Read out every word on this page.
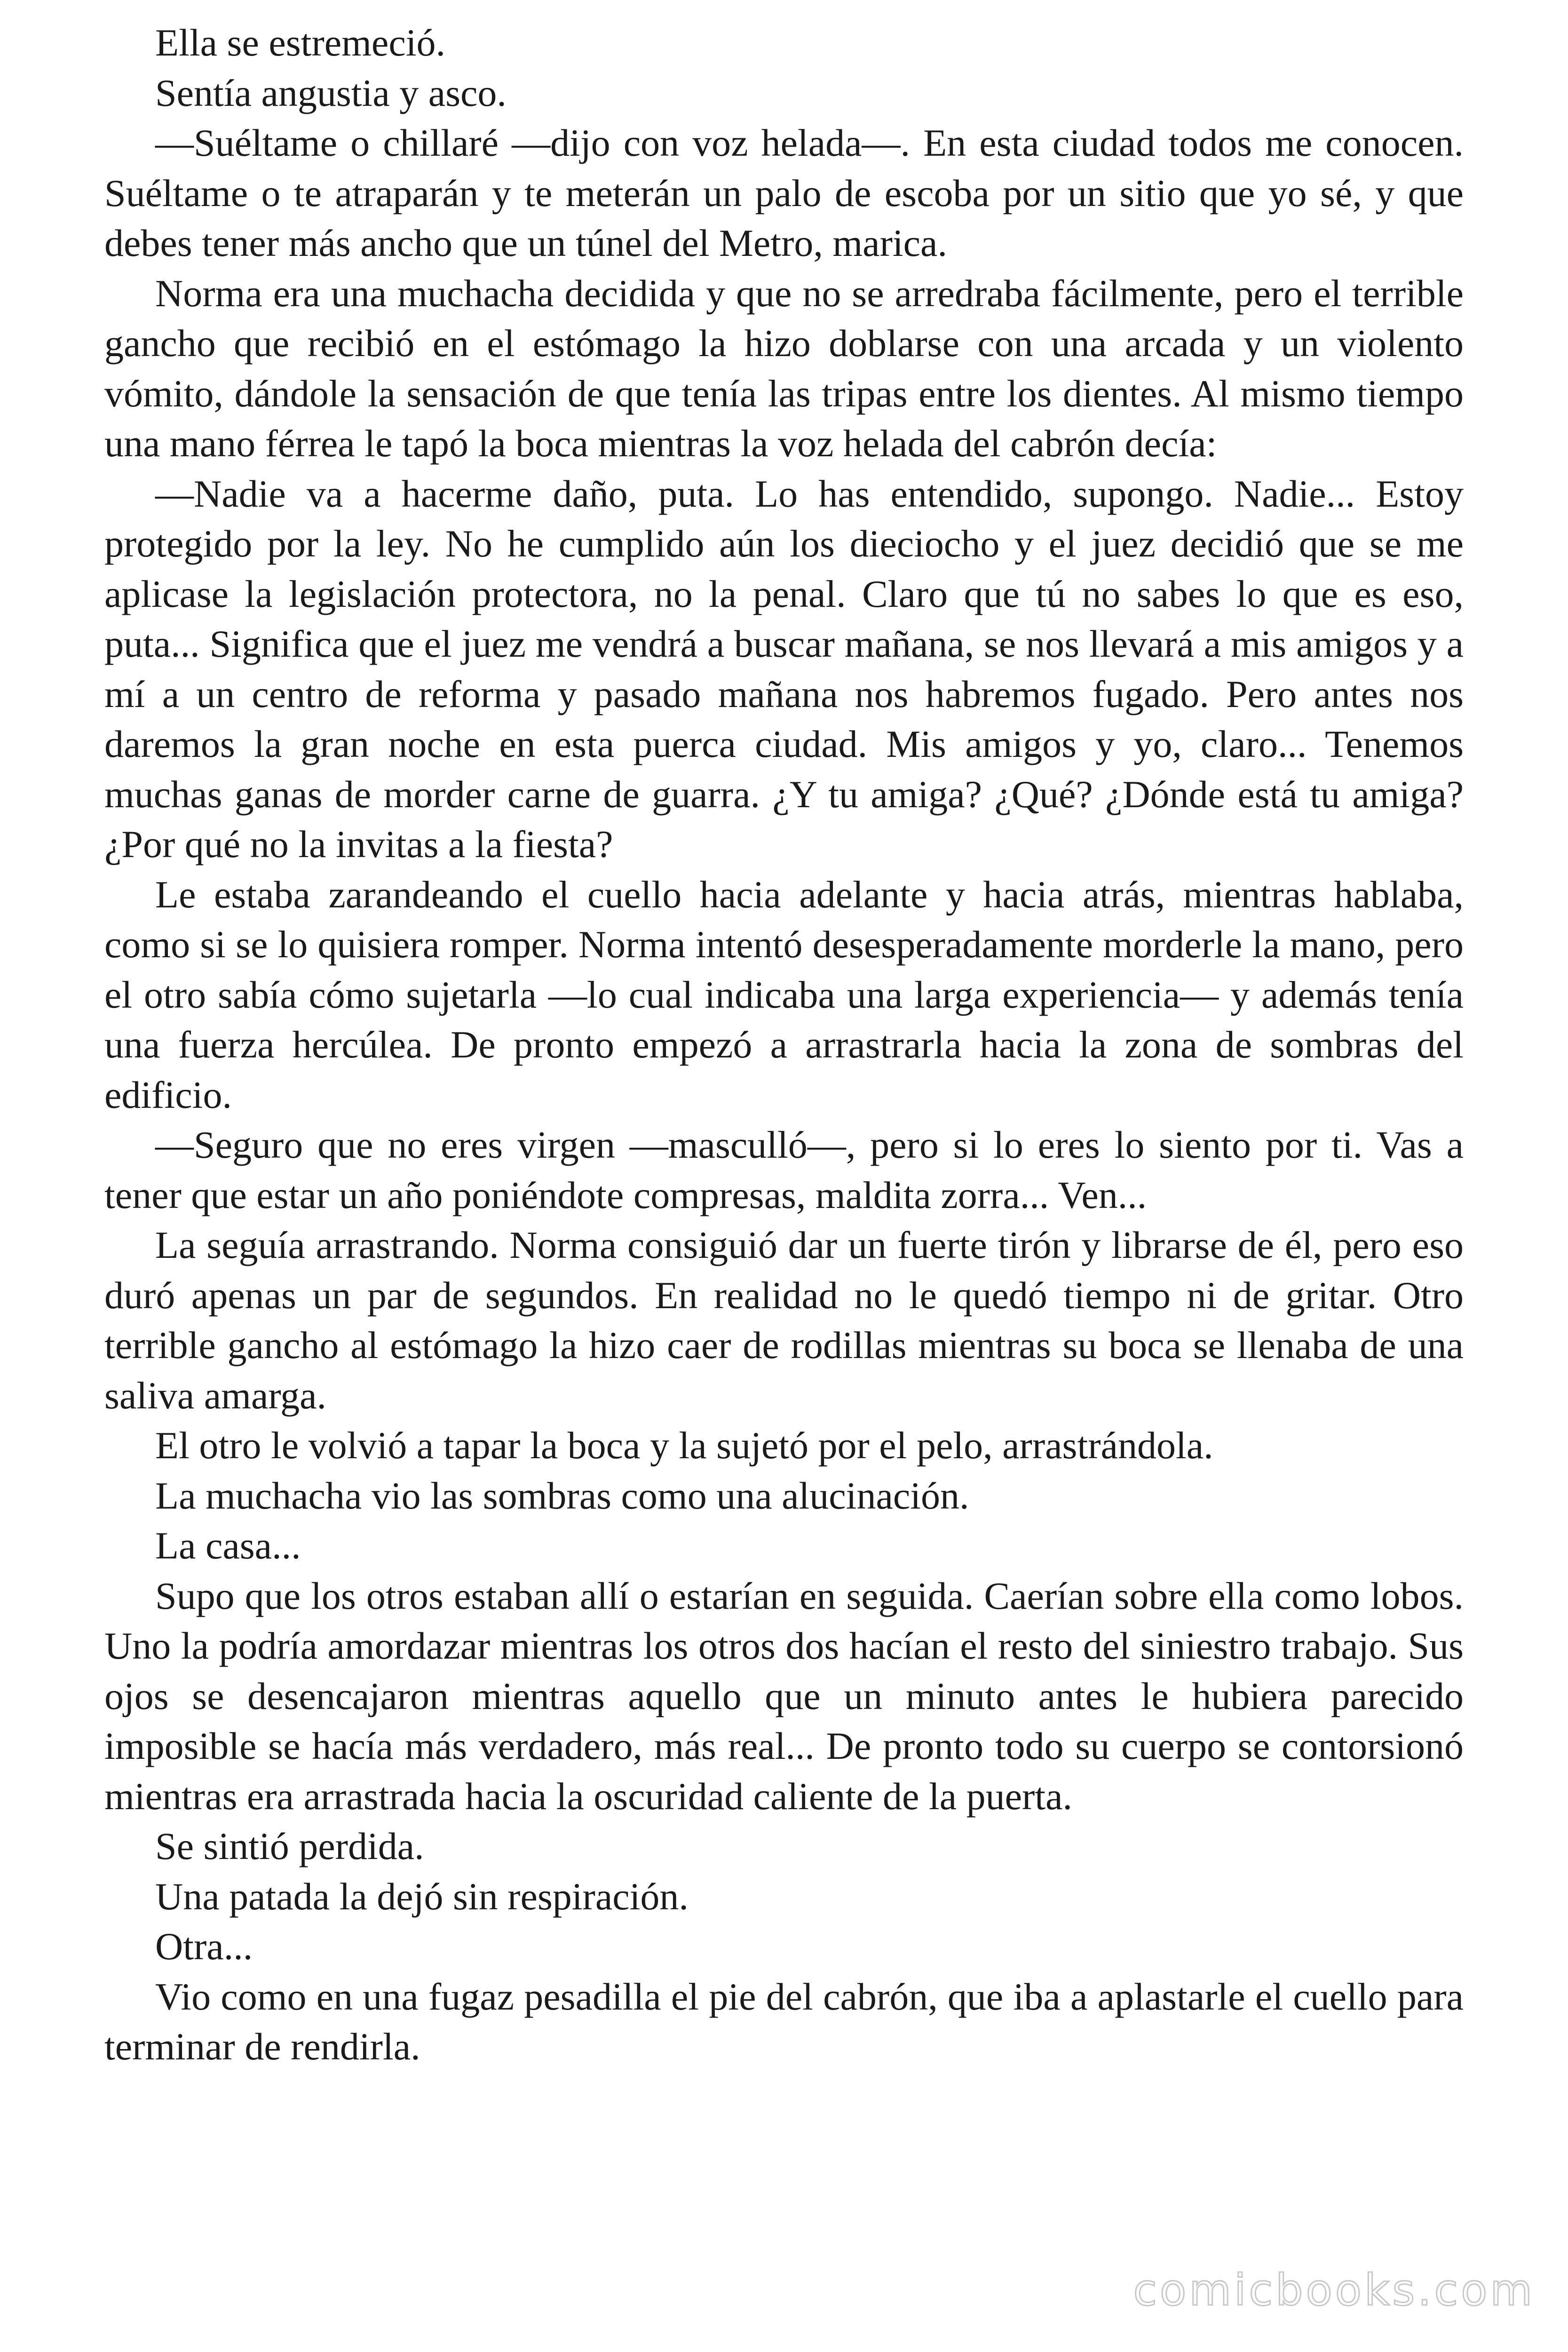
Ella se estremeció.

Sentía angustia y asco.

—Suéltame o chillaré —dijo con voz helada—. En esta ciudad todos me conocen. Suéltame o te atraparán y te meterán un palo de escoba por un sitio que yo sé, y que debes tener más ancho que un túnel del Metro, marica.

Norma era una muchacha decidida y que no se arredraba fácilmente, pero el terrible gancho que recibió en el estómago la hizo doblarse con una arcada y un violento vómito, dándole la sensación de que tenía las tripas entre los dientes. Al mismo tiempo una mano férrea le tapó la boca mientras la voz helada del cabrón decía:

—Nadie va a hacerme daño, puta. Lo has entendido, supongo. Nadie... Estoy protegido por la ley. No he cumplido aún los dieciocho y el juez decidió que se me aplicase la legislación protectora, no la penal. Claro que tú no sabes lo que es eso, puta... Significa que el juez me vendrá a buscar mañana, se nos llevará a mis amigos y a mí a un centro de reforma y pasado mañana nos habremos fugado. Pero antes nos daremos la gran noche en esta puerca ciudad. Mis amigos y yo, claro... Tenemos muchas ganas de morder carne de guarra. ¿Y tu amiga? ¿Qué? ¿Dónde está tu amiga? ¿Por qué no la invitas a la fiesta?

Le estaba zarandeando el cuello hacia adelante y hacia atrás, mientras hablaba, como si se lo quisiera romper. Norma intentó desesperadamente morderle la mano, pero el otro sabía cómo sujetarla —lo cual indicaba una larga experiencia— y además tenía una fuerza hercúlea. De pronto empezó a arrastrarla hacia la zona de sombras del edificio.

—Seguro que no eres virgen —masculló—, pero si lo eres lo siento por ti. Vas a tener que estar un año poniéndote compresas, maldita zorra... Ven...

La seguía arrastrando. Norma consiguió dar un fuerte tirón y librarse de él, pero eso duró apenas un par de segundos. En realidad no le quedó tiempo ni de gritar. Otro terrible gancho al estómago la hizo caer de rodillas mientras su boca se llenaba de una saliva amarga.

El otro le volvió a tapar la boca y la sujetó por el pelo, arrastrándola.

La muchacha vio las sombras como una alucinación.

La casa...

Supo que los otros estaban allí o estarían en seguida. Caerían sobre ella como lobos. Uno la podría amordazar mientras los otros dos hacían el resto del siniestro trabajo. Sus ojos se desencajaron mientras aquello que un minuto antes le hubiera parecido imposible se hacía más verdadero, más real... De pronto todo su cuerpo se contorsionó mientras era arrastrada hacia la oscuridad caliente de la puerta.

Se sintió perdida.

Una patada la dejó sin respiración.

Otra...

Vio como en una fugaz pesadilla el pie del cabrón, que iba a aplastarle el cuello para terminar de rendirla.

comicbooks.com
